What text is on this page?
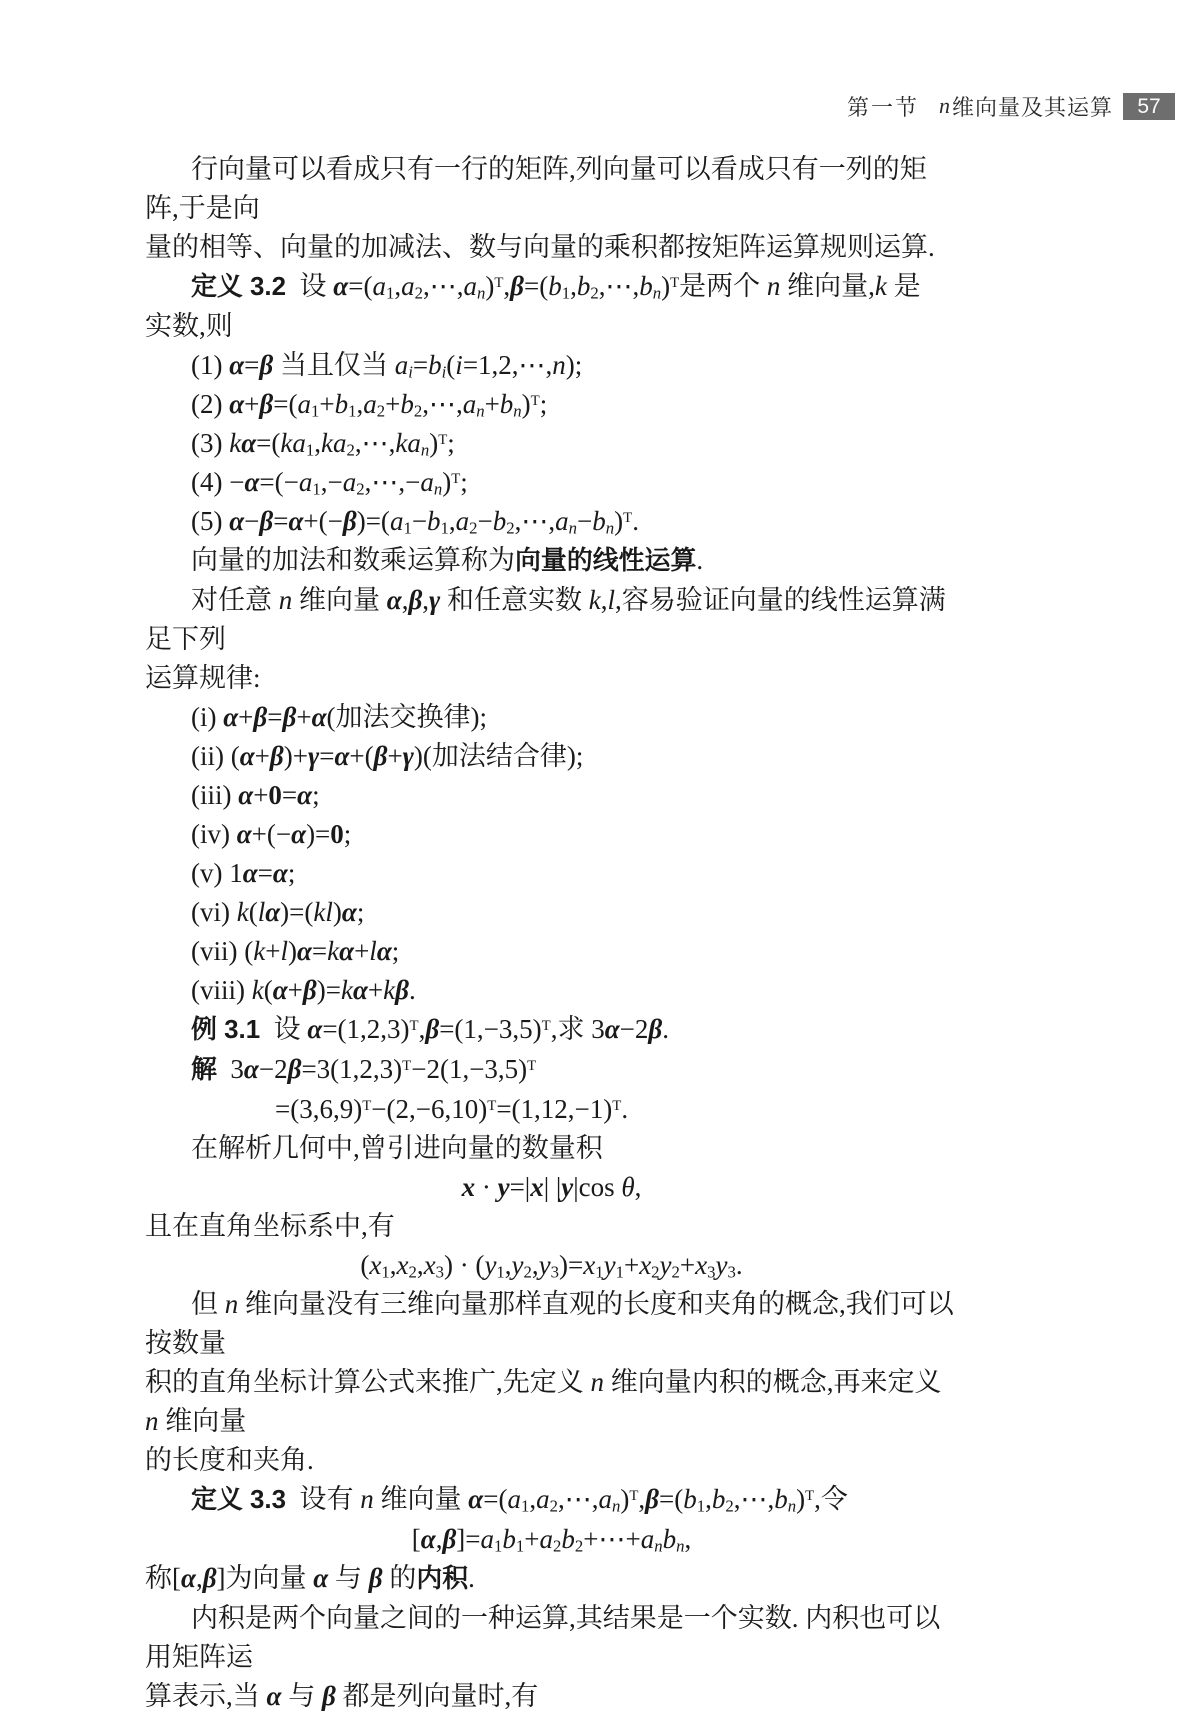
第一节 n 维向量及其运算	57
行向量可以看成只有一行的矩阵,列向量可以看成只有一列的矩阵,于是向
量的相等、向量的加减法、数与向量的乘积都按矩阵运算规则运算.
定义 3.2  设 α=(a1,a2,⋯,an)$^T$,β=(b1,b2,⋯,bn)$^T$是两个 n 维向量,k 是
实数,则
(1) α=β 当且仅当 ai=bi(i=1,2,⋯,n);
(2) α+β=(a1+b1,a2+b2,⋯,an+bn)$^T$;
(3) kα=(ka1,ka2,⋯,kan)$^T$;
(4) −α=(−a1,−a2,⋯,−an)$^T$;
(5) α−β=α+(−β)=(a1−b1,a2−b2,⋯,an−bn)$^T$.
向量的加法和数乘运算称为向量的线性运算.
对任意 n 维向量 α,β,γ 和任意实数 k,l,容易验证向量的线性运算满足下列
运算规律:
(i) α+β=β+α(加法交换律);
(ii) (α+β)+γ=α+(β+γ)(加法结合律);
(iii) α+0=α;
(iv) α+(−α)=0;
(v) 1α=α;
(vi) k(lα)=(kl)α;
(vii) (k+l)α=kα+lα;
(viii) k(α+β)=kα+kβ.
例 3.1  设 $\alpha=(1,2,3)^T,\beta=(1,-3,5)^T$,求 3α−2β.
解  $3\alpha-2\beta=3(1,2,3)^T-2(1,-3,5)^T$
$=(3,6,9)^T-(2,-6,10)^T=(1,12,-1)^T$.
在解析几何中,曾引进向量的数量积
x · y=|x| |y|cos θ,
且在直角坐标系中,有
(x1,x2,x3) · (y1,y2,y3)=x1y1+x2y2+x3y3.
但 n 维向量没有三维向量那样直观的长度和夹角的概念,我们可以按数量
积的直角坐标计算公式来推广,先定义 n 维向量内积的概念,再来定义 n 维向量
的长度和夹角.
定义 3.3  设有 n 维向量 α=(a1,a2,⋯,an)$^T$,β=(b1,b2,⋯,bn)$^T$,令
[α,β]=a1b1+a2b2+⋯+anbn,
称[α,β]为向量 α 与 β 的内积.
内积是两个向量之间的一种运算,其结果是一个实数. 内积也可以用矩阵运
算表示,当 α 与 β 都是列向量时,有
